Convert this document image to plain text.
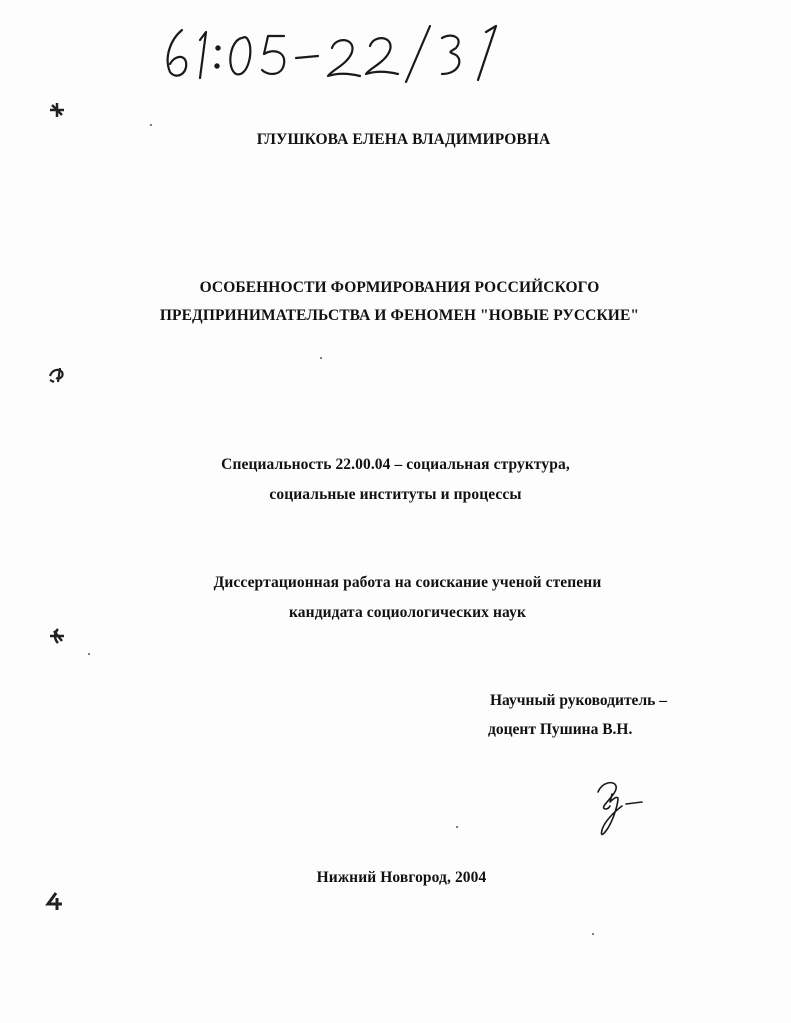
ГЛУШКОВА ЕЛЕНА ВЛАДИМИРОВНА
ОСОБЕННОСТИ ФОРМИРОВАНИЯ РОССИЙСКОГО
ПРЕДПРИНИМАТЕЛЬСТВА И ФЕНОМЕН "НОВЫЕ РУССКИЕ"
Специальность 22.00.04 – социальная структура,
социальные институты и процессы
Диссертационная работа на соискание ученой степени
кандидата социологических наук
Научный руководитель –
доцент Пушина В.Н.
Нижний Новгород, 2004
